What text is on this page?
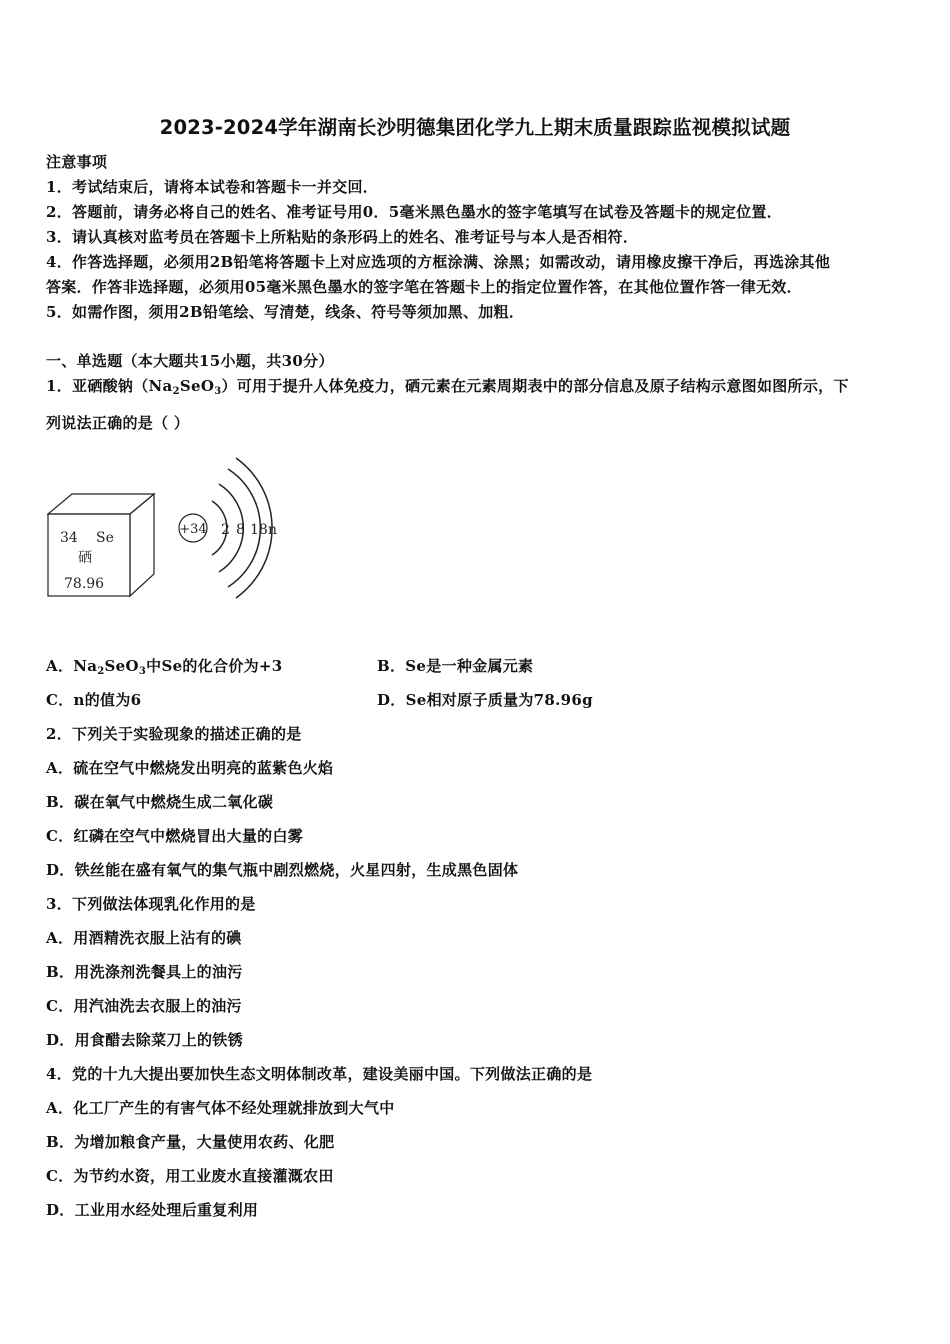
2023-2024学年湖南长沙明德集团化学九上期末质量跟踪监视模拟试题
注意事项
1．考试结束后，请将本试卷和答题卡一并交回．
2．答题前，请务必将自己的姓名、准考证号用0．5毫米黑色墨水的签字笔填写在试卷及答题卡的规定位置．
3．请认真核对监考员在答题卡上所粘贴的条形码上的姓名、准考证号与本人是否相符．
4．作答选择题，必须用2B铅笔将答题卡上对应选项的方框涂满、涂黑；如需改动，请用橡皮擦干净后，再选涂其他
答案．作答非选择题，必须用05毫米黑色墨水的签字笔在答题卡上的指定位置作答，在其他位置作答一律无效．
5．如需作图，须用2B铅笔绘、写清楚，线条、符号等须加黑、加粗．
一、单选题（本大题共15小题，共30分）
1．亚硒酸钠$(Na_2SeO_3)$可用于提升人体免疫力，硒元素在元素周期表中的部分信息及原子结构示意图如图所示，下
列说法正确的是（ ）
34 Se
硒
78.96
+34 2 8 18 n
A．$Na_2SeO_3$中Se的化合价为+3	B．Se是一种金属元素
C．n的值为6	D．Se相对原子质量为78.96g
2．下列关于实验现象的描述正确的是
A．硫在空气中燃烧发出明亮的蓝紫色火焰
B．碳在氧气中燃烧生成二氧化碳
C．红磷在空气中燃烧冒出大量的白雾
D．铁丝能在盛有氧气的集气瓶中剧烈燃烧，火星四射，生成黑色固体
3．下列做法体现乳化作用的是
A．用酒精洗衣服上沾有的碘
B．用洗涤剂洗餐具上的油污
C．用汽油洗去衣服上的油污
D．用食醋去除菜刀上的铁锈
4．党的十九大提出要加快生态文明体制改革，建设美丽中国。下列做法正确的是
A．化工厂产生的有害气体不经处理就排放到大气中
B．为增加粮食产量，大量使用农药、化肥
C．为节约水资，用工业废水直接灌溉农田
D．工业用水经处理后重复利用
